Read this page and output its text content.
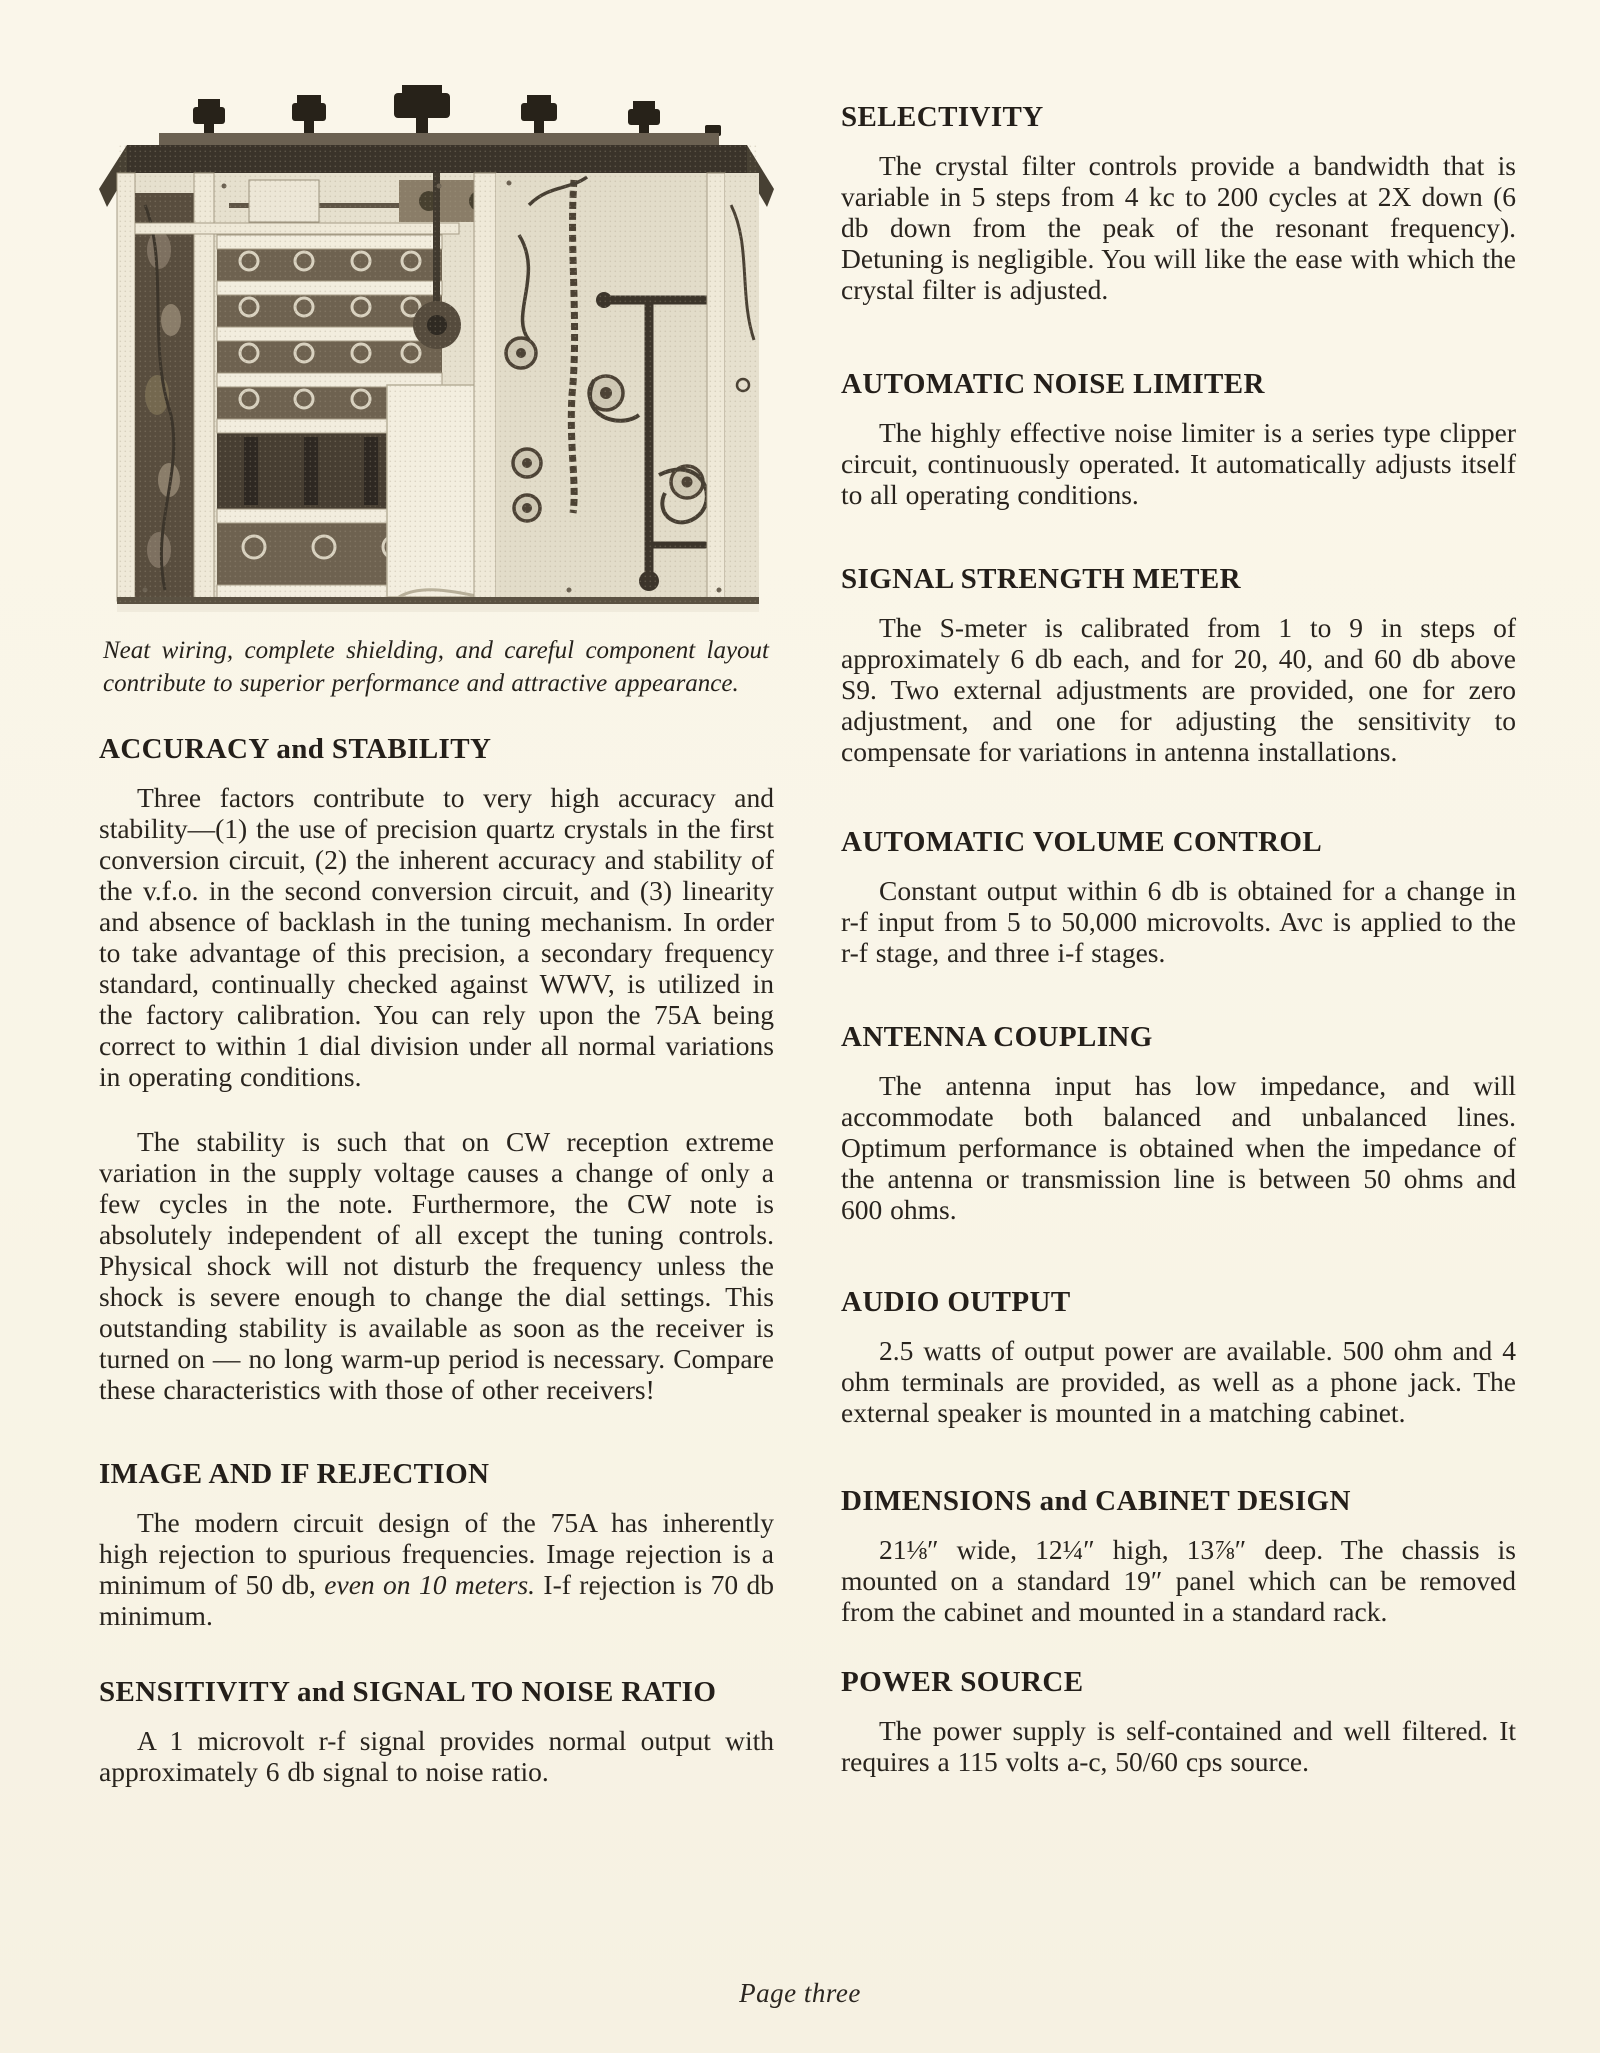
Neat wiring, complete shielding, and careful component layout contribute to superior performance and attractive appearance.

ACCURACY and STABILITY

Three factors contribute to very high accuracy and stability—(1) the use of precision quartz crystals in the first conversion circuit, (2) the inherent accuracy and stability of the v.f.o. in the second conversion circuit, and (3) linearity and absence of backlash in the tuning mechanism. In order to take advantage of this precision, a secondary frequency standard, continually checked against WWV, is utilized in the factory calibration. You can rely upon the 75A being correct to within 1 dial division under all normal variations in operating conditions.

The stability is such that on CW reception extreme variation in the supply voltage causes a change of only a few cycles in the note. Furthermore, the CW note is absolutely independent of all except the tuning controls. Physical shock will not disturb the frequency unless the shock is severe enough to change the dial settings. This outstanding stability is available as soon as the receiver is turned on — no long warm-up period is necessary. Compare these characteristics with those of other receivers!

IMAGE AND IF REJECTION

The modern circuit design of the 75A has inherently high rejection to spurious frequencies. Image rejection is a minimum of 50 db, even on 10 meters. I-f rejection is 70 db minimum.

SENSITIVITY and SIGNAL TO NOISE RATIO

A 1 microvolt r-f signal provides normal output with approximately 6 db signal to noise ratio.

SELECTIVITY

The crystal filter controls provide a bandwidth that is variable in 5 steps from 4 kc to 200 cycles at 2X down (6 db down from the peak of the resonant frequency). Detuning is negligible. You will like the ease with which the crystal filter is adjusted.

AUTOMATIC NOISE LIMITER

The highly effective noise limiter is a series type clipper circuit, continuously operated. It automatically adjusts itself to all operating conditions.

SIGNAL STRENGTH METER

The S-meter is calibrated from 1 to 9 in steps of approximately 6 db each, and for 20, 40, and 60 db above S9. Two external adjustments are provided, one for zero adjustment, and one for adjusting the sensitivity to compensate for variations in antenna installations.

AUTOMATIC VOLUME CONTROL

Constant output within 6 db is obtained for a change in r-f input from 5 to 50,000 microvolts. Avc is applied to the r-f stage, and three i-f stages.

ANTENNA COUPLING

The antenna input has low impedance, and will accommodate both balanced and unbalanced lines. Optimum performance is obtained when the impedance of the antenna or transmission line is between 50 ohms and 600 ohms.

AUDIO OUTPUT

2.5 watts of output power are available. 500 ohm and 4 ohm terminals are provided, as well as a phone jack. The external speaker is mounted in a matching cabinet.

DIMENSIONS and CABINET DESIGN

21⅛″ wide, 12¼″ high, 13⅞″ deep. The chassis is mounted on a standard 19″ panel which can be removed from the cabinet and mounted in a standard rack.

POWER SOURCE

The power supply is self-contained and well filtered. It requires a 115 volts a-c, 50/60 cps source.

Page three
